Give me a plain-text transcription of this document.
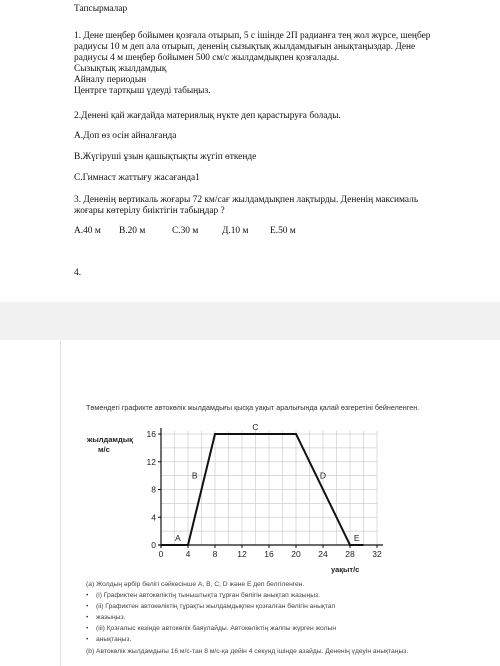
Тапсырмалар
1. Дене шеңбер бойымен қозғала отырып, 5 с ішінде 2П радианға тең жол жүрсе, шеңбер
радиусы 10 м деп ала отырып, дененің сызықтық жылдамдығын анықтаңыздар. Дене
радиусы 4 м шеңбер бойымен 500 см/с жылдамдықпен қозғалады.
Сызықтық жылдамдық
Айналу периодын
Центрге тартқыш үдеуді табыңыз.
2.Денені қай жағдайда материялық нүкте деп қарастыруға болады.
А.Доп өз осін айналғанда
В.Жүгіруші ұзын қашықтықты жүгіп өткенде
С.Гимнаст жаттығу жасағанда1
3. Дененің вертикаль жоғары 72 км/сағ жылдамдықпен лақтырды. Дененің максималь
жоғары көтерілу биіктігін табыңдар ?
А.40 м В.20 м	С.30 м	Д.10 м Е.50 м
4.
Төмендегі графикте автокөлік жылдамдығы қысқа уақыт аралығында қалай өзгеретіні бейнеленген.
0	4	8 12 16 20 24 28 32
0
4
8
12
16
A
B
C
D
E
жылдамдық
м/с
уақыт/с
(a) Жолдың әрбір бөлігі сәйкесінше А, В, С, D және Е деп белгіленген.
• (i) Графиктен автокөліктің тыныштықта тұрған бөлігін анықтап жазыңыз.
• (ii) Графиктен автокөліктің тұрақты жылдамдықпен қозғалған бөлігін анықтап
• жазыңыз.
• (iii) Қозғалыс кезінде автокөлік баяулайды. Автокөліктің жалпы жүрген жолын
• анықтаңыз.
(b) Автокөлік жылдамдығы 16 м/с-тан 8 м/с-қа дейін 4 секунд ішінде азайды. Дененің үдеуін анықтаңыз.
